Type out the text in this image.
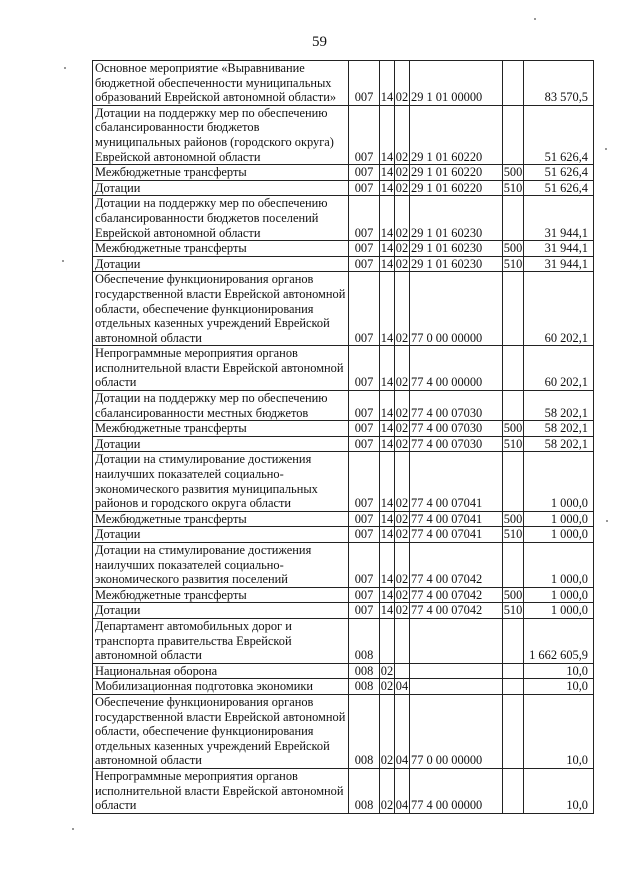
59
Основное мероприятие «Выравнивание бюджетной обеспеченности муниципальных образований Еврейской автономной области»	007	14	02	29 1 01 00000		83 570,5
Дотации на поддержку мер по обеспечению сбалансированности бюджетов муниципальных районов (городского округа) Еврейской автономной области	007	14	02	29 1 01 60220		51 626,4
Межбюджетные трансферты	007	14	02	29 1 01 60220	500	51 626,4
Дотации	007	14	02	29 1 01 60220	510	51 626,4
Дотации на поддержку мер по обеспечению сбалансированности бюджетов поселений Еврейской автономной области	007	14	02	29 1 01 60230		31 944,1
Межбюджетные трансферты	007	14	02	29 1 01 60230	500	31 944,1
Дотации	007	14	02	29 1 01 60230	510	31 944,1
Обеспечение функционирования органов государственной власти Еврейской автономной области, обеспечение функционирования отдельных казенных учреждений Еврейской автономной области	007	14	02	77 0 00 00000		60 202,1
Непрограммные мероприятия органов исполнительной власти Еврейской автономной области	007	14	02	77 4 00 00000		60 202,1
Дотации на поддержку мер по обеспечению сбалансированности местных бюджетов	007	14	02	77 4 00 07030		58 202,1
Межбюджетные трансферты	007	14	02	77 4 00 07030	500	58 202,1
Дотации	007	14	02	77 4 00 07030	510	58 202,1
Дотации на стимулирование достижения наилучших показателей социально-экономического развития муниципальных районов и городского округа области	007	14	02	77 4 00 07041		1 000,0
Межбюджетные трансферты	007	14	02	77 4 00 07041	500	1 000,0
Дотации	007	14	02	77 4 00 07041	510	1 000,0
Дотации на стимулирование достижения наилучших показателей социально-экономического развития поселений	007	14	02	77 4 00 07042		1 000,0
Межбюджетные трансферты	007	14	02	77 4 00 07042	500	1 000,0
Дотации	007	14	02	77 4 00 07042	510	1 000,0
Департамент автомобильных дорог и транспорта правительства Еврейской автономной области	008					1 662 605,9
Национальная оборона	008	02				10,0
Мобилизационная подготовка экономики	008	02	04			10,0
Обеспечение функционирования органов государственной власти Еврейской автономной области, обеспечение функционирования отдельных казенных учреждений Еврейской автономной области	008	02	04	77 0 00 00000		10,0
Непрограммные мероприятия органов исполнительной власти Еврейской автономной области	008	02	04	77 4 00 00000		10,0
